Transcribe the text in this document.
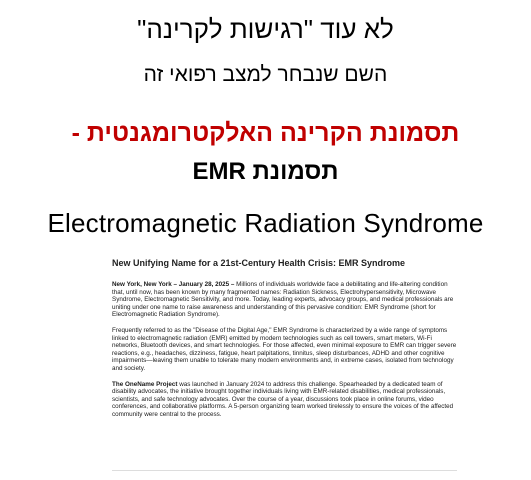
לא עוד "רגישות לקרינה"
השם שנבחר למצב רפואי זה
תסמונת הקרינה האלקטרומגנטית -
תסמונת EMR
Electromagnetic Radiation Syndrome
New Unifying Name for a 21st-Century Health Crisis: EMR Syndrome

New York, New York – January 28, 2025 – Millions of individuals worldwide face a debilitating and life-altering condition that, until now, has been known by many fragmented names: Radiation Sickness, Electrohypersensitivity, Microwave Syndrome, Electromagnetic Sensitivity, and more. Today, leading experts, advocacy groups, and medical professionals are uniting under one name to raise awareness and understanding of this pervasive condition: EMR Syndrome (short for Electromagnetic Radiation Syndrome).

Frequently referred to as the "Disease of the Digital Age," EMR Syndrome is characterized by a wide range of symptoms linked to electromagnetic radiation (EMR) emitted by modern technologies such as cell towers, smart meters, Wi-Fi networks, Bluetooth devices, and smart technologies. For those affected, even minimal exposure to EMR can trigger severe reactions, e.g., headaches, dizziness, fatigue, heart palpitations, tinnitus, sleep disturbances, ADHD and other cognitive impairments—leaving them unable to tolerate many modern environments and, in extreme cases, isolated from technology and society.

The OneName Project was launched in January 2024 to address this challenge. Spearheaded by a dedicated team of disability advocates, the initiative brought together individuals living with EMR-related disabilities, medical professionals, scientists, and safe technology advocates. Over the course of a year, discussions took place in online forums, video conferences, and collaborative platforms. A 5-person organizing team worked tirelessly to ensure the voices of the affected community were central to the process.
